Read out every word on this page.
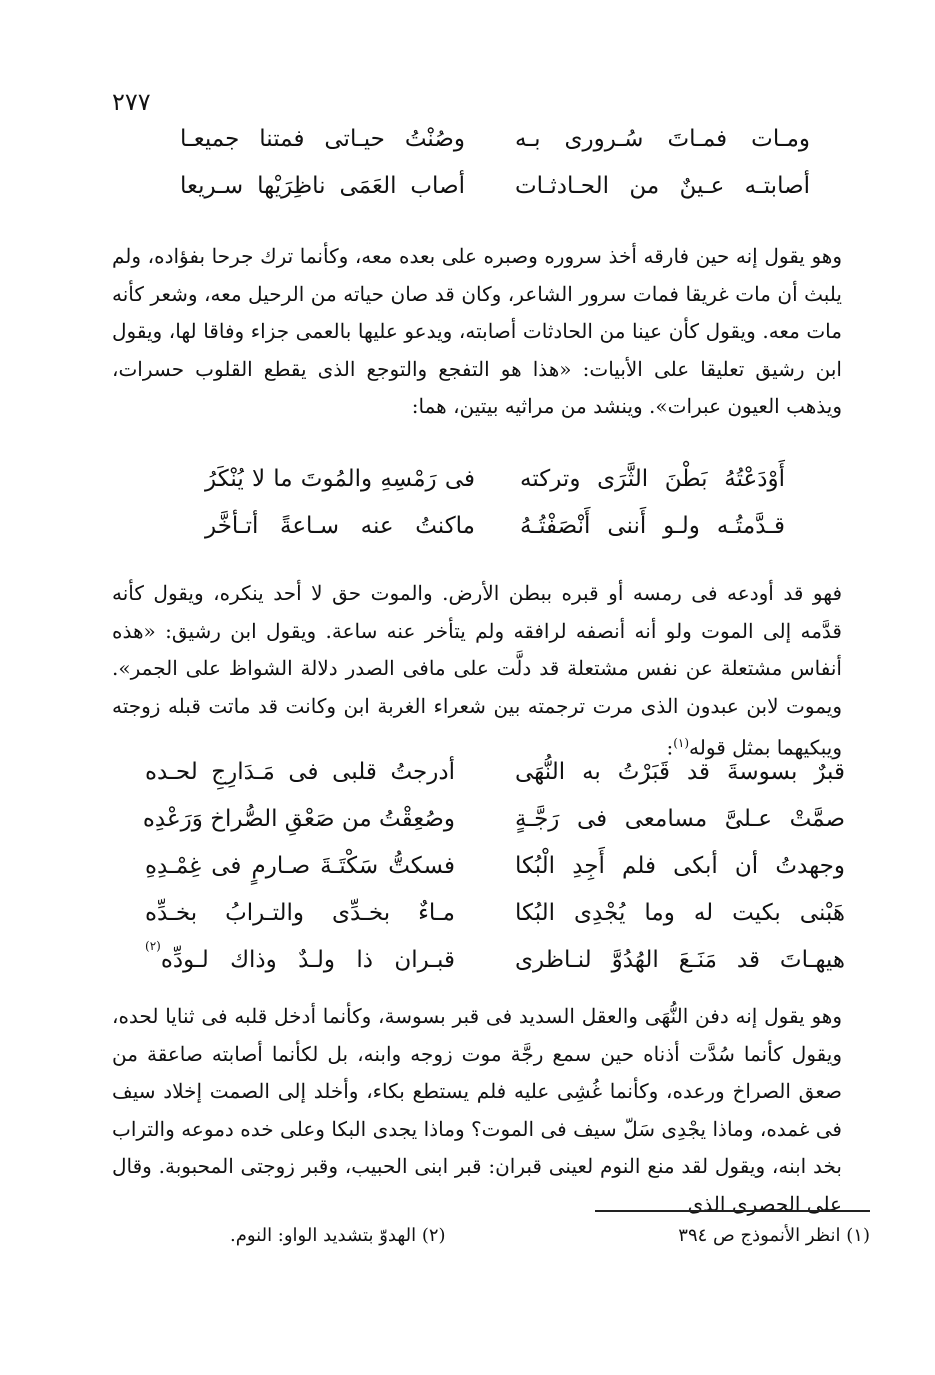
٢٧٧
ومـات فمـاتَ سُـرورى بـه
وصُنْتُ حيـاتى فمتنا جميعـا
أصابتـه عـينٌ من الحـادثـات
أصاب العَمَى ناظِرَيْها سـريعا

وهو يقول إنه حين فارقه أخذ سروره وصبره على بعده معه، وكأنما ترك جرحا بفؤاده، ولم يلبث أن مات غريقا فمات سرور الشاعر، وكان قد صان حياته من الرحيل معه، وشعر كأنه مات معه. ويقول كأن عينا من الحادثات أصابته، ويدعو عليها بالعمى جزاء وفاقا لها، ويقول ابن رشيق تعليقا على الأبيات: «هذا هو التفجع والتوجع الذى يقطع القلوب حسرات، ويذهب العيون عبرات». وينشد من مراثيه بيتين، هما:

أَوْدَعْتُهُ بَطْنَ الثَّرَى وتركته
فى رَمْسِهِ والمُوتَ ما لا يُنْكَرُ
قـدَّمتُـه ولـو أَننى أَنْصَفْتُـهُ
ماكنتُ عنه سـاعةً أتـأخَّر

فهو قد أودعه فى رمسه أو قبره ببطن الأرض. والموت حق لا أحد ينكره، ويقول كأنه قدَّمه إلى الموت ولو أنه أنصفه لرافقه ولم يتأخر عنه ساعة. ويقول ابن رشيق: «هذه أنفاس مشتعلة عن نفس مشتعلة قد دلَّت على مافى الصدر دلالة الشواظ على الجمر». ويموت لابن عبدون الذى مرت ترجمته بين شعراء الغربة ابن وكانت قد ماتت قبله زوجته ويبكيهما بمثل قوله$^{(١)}$:

قبرٌ بسوسةَ قد قَبَرْتُ به النُّهَى
أدرجتُ قلبى فى مَـدَارِجِ لحـده
صمَّتْ عـلىَّ مسامعى فى رَجَّـةٍ
وصُعِقْتُ من صَعْقِ الصُّراخ وَرَعْدِه
وجهدتُ أن أبكى فلم أَجِدِ الْبُكا
فسكتُّ سَكْتَـةَ صـارمٍ فى غِمْـدِهِ
هَبْنى بكيت له وما يُجْدِى البُكا
مـاءٌ بخـدِّى والتـرابُ بخـدِّه
هيهـاتَ قد مَنَـعَ الهُدُوَّ لنـاظرى
قبـران ذا ولـدٌ وذاك لـودِّه
(٢)

وهو يقول إنه دفن النُّهَى والعقل السديد فى قبر بسوسة، وكأنما أدخل قلبه فى ثنايا لحده، ويقول كأنما سُدَّت أذناه حين سمع رجَّة موت زوجه وابنه، بل لكأنما أصابته صاعقة من صعق الصراخ ورعده، وكأنما غُشِى عليه فلم يستطع بكاء، وأخلد إلى الصمت إخلاد سيف فى غمده، وماذا يجْدِى سَلّ سيف فى الموت؟ وماذا يجدى البكا وعلى خده دموعه والتراب بخد ابنه، ويقول لقد منع النوم لعينى قبران: قبر ابنى الحبيب، وقبر زوجتى المحبوبة. وقال على الحصرى الذى

(١) انظر الأنموذج ص ٣٩٤
(٢) الهدوّ بتشديد الواو: النوم.
